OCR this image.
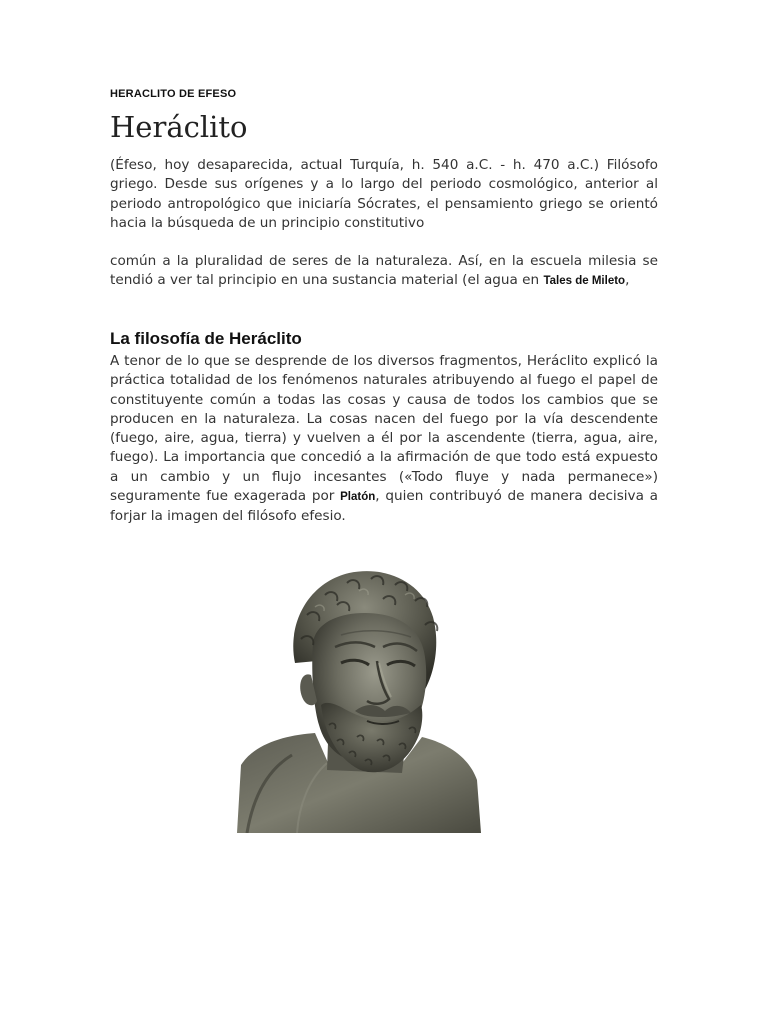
HERACLITO DE EFESO
Heráclito

(Éfeso, hoy desaparecida, actual Turquía, h. 540 a.C. - h. 470 a.C.) Filósofo griego. Desde sus orígenes y a lo largo del periodo cosmológico, anterior al periodo antropológico que iniciaría Sócrates, el pensamiento griego se orientó hacia la búsqueda de un principio constitutivo

común a la pluralidad de seres de la naturaleza. Así, en la escuela milesia se tendió a ver tal principio en una sustancia material (el agua en Tales de Mileto,

La filosofía de Heráclito

A tenor de lo que se desprende de los diversos fragmentos, Heráclito explicó la práctica totalidad de los fenómenos naturales atribuyendo al fuego el papel de constituyente común a todas las cosas y causa de todos los cambios que se producen en la naturaleza. La cosas nacen del fuego por la vía descendente (fuego, aire, agua, tierra) y vuelven a él por la ascendente (tierra, agua, aire, fuego). La importancia que concedió a la afirmación de que todo está expuesto a un cambio y un flujo incesantes («Todo fluye y nada permanece») seguramente fue exagerada por Platón, quien contribuyó de manera decisiva a forjar la imagen del filósofo efesio.
